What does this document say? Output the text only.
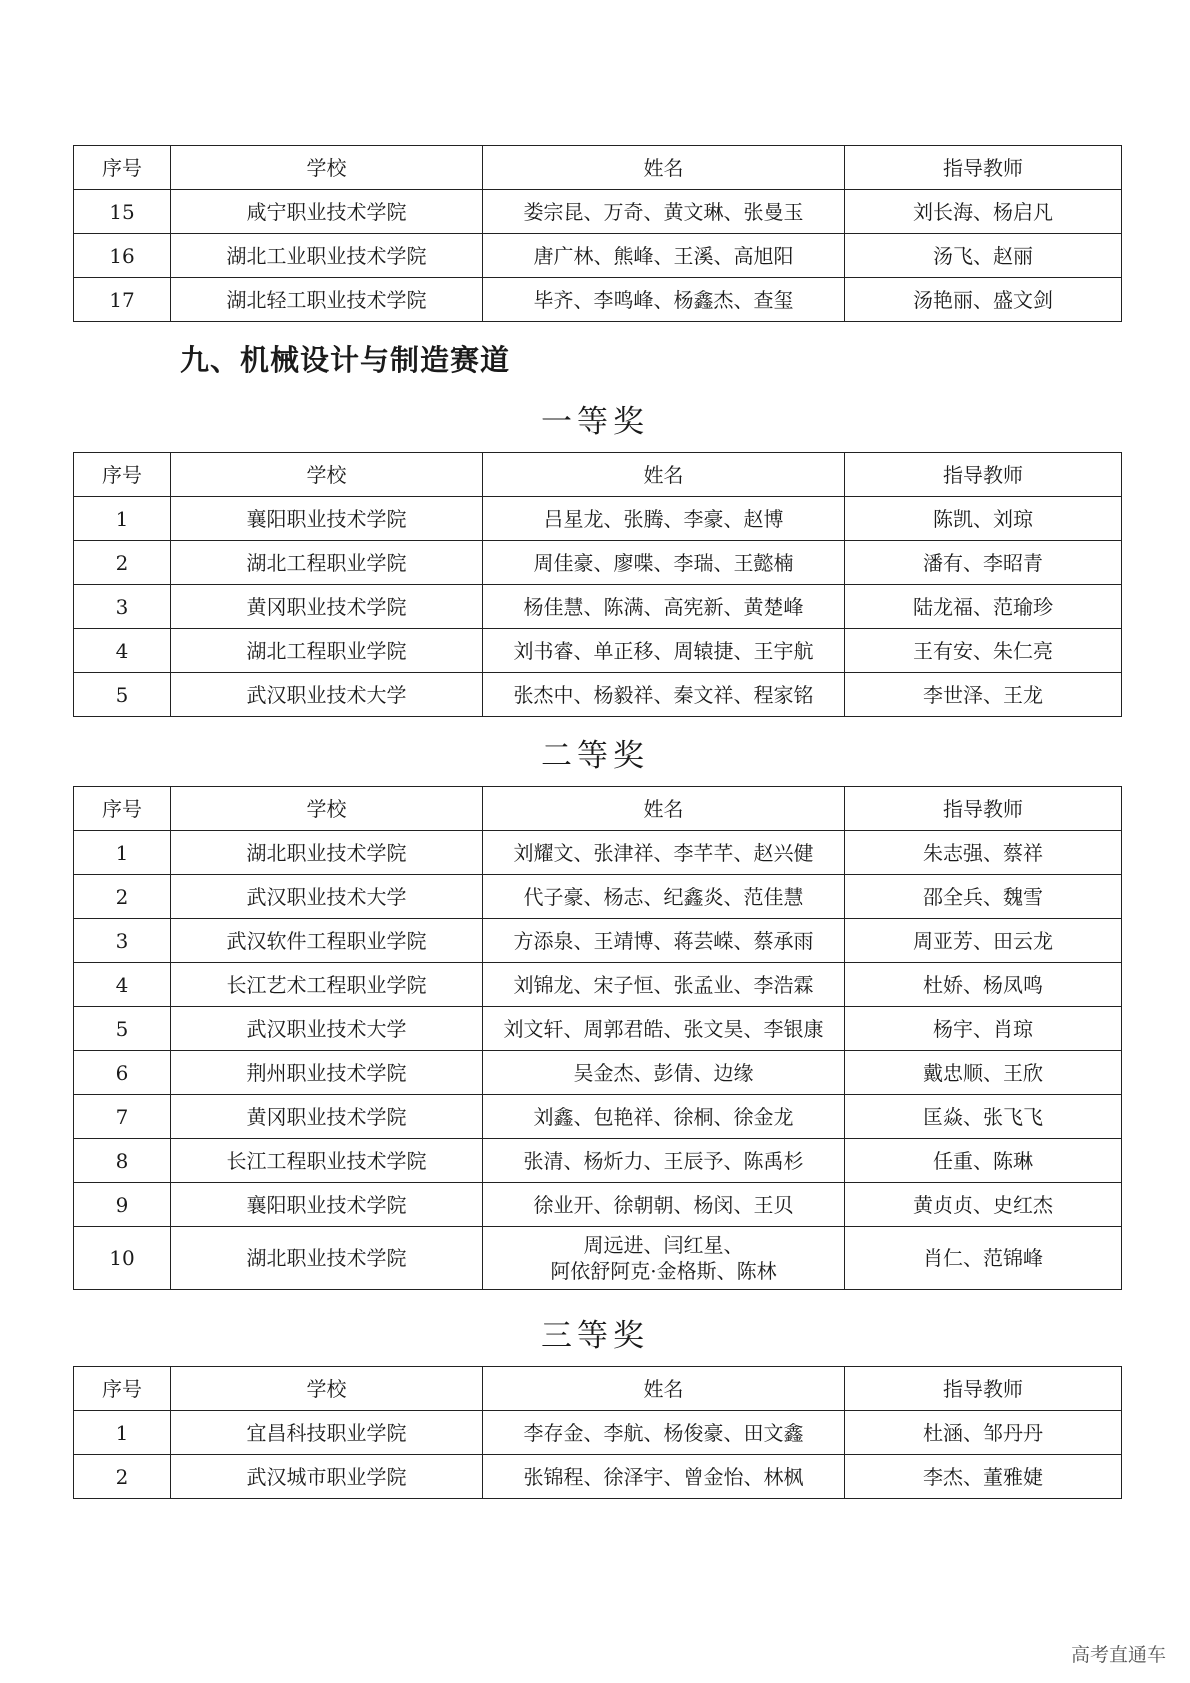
序号	学校	姓名	指导教师
15	咸宁职业技术学院	娄宗昆、万奇、黄文琳、张曼玉	刘长海、杨启凡
16	湖北工业职业技术学院	唐广林、熊峰、王溪、高旭阳	汤飞、赵丽
17	湖北轻工职业技术学院	毕齐、李鸣峰、杨鑫杰、查玺	汤艳丽、盛文剑
九、机械设计与制造赛道
一等奖
序号	学校	姓名	指导教师
1	襄阳职业技术学院	吕星龙、张腾、李豪、赵博	陈凯、刘琼
2	湖北工程职业学院	周佳豪、廖喋、李瑞、王懿楠	潘有、李昭青
3	黄冈职业技术学院	杨佳慧、陈满、高宪新、黄楚峰	陆龙福、范瑜珍
4	湖北工程职业学院	刘书睿、单正移、周辕捷、王宇航	王有安、朱仁亮
5	武汉职业技术大学	张杰中、杨毅祥、秦文祥、程家铭	李世泽、王龙
二等奖
序号	学校	姓名	指导教师
1	湖北职业技术学院	刘耀文、张津祥、李芊芊、赵兴健	朱志强、蔡祥
2	武汉职业技术大学	代子豪、杨志、纪鑫炎、范佳慧	邵全兵、魏雪
3	武汉软件工程职业学院	方添泉、王靖博、蒋芸嵘、蔡承雨	周亚芳、田云龙
4	长江艺术工程职业学院	刘锦龙、宋子恒、张孟业、李浩霖	杜娇、杨凤鸣
5	武汉职业技术大学	刘文轩、周郭君皓、张文昊、李银康	杨宇、肖琼
6	荆州职业技术学院	吴金杰、彭倩、边缘	戴忠顺、王欣
7	黄冈职业技术学院	刘鑫、包艳祥、徐桐、徐金龙	匡焱、张飞飞
8	长江工程职业技术学院	张清、杨炘力、王辰予、陈禹杉	任重、陈琳
9	襄阳职业技术学院	徐业开、徐朝朝、杨闵、王贝	黄贞贞、史红杰
10	湖北职业技术学院	周远进、闫红星、
阿依舒阿克·金格斯、陈林	肖仁、范锦峰
三等奖
序号	学校	姓名	指导教师
1	宜昌科技职业学院	李存金、李航、杨俊豪、田文鑫	杜涵、邹丹丹
2	武汉城市职业学院	张锦程、徐泽宇、曾金怡、林枫	李杰、董雅婕
高考直通车
